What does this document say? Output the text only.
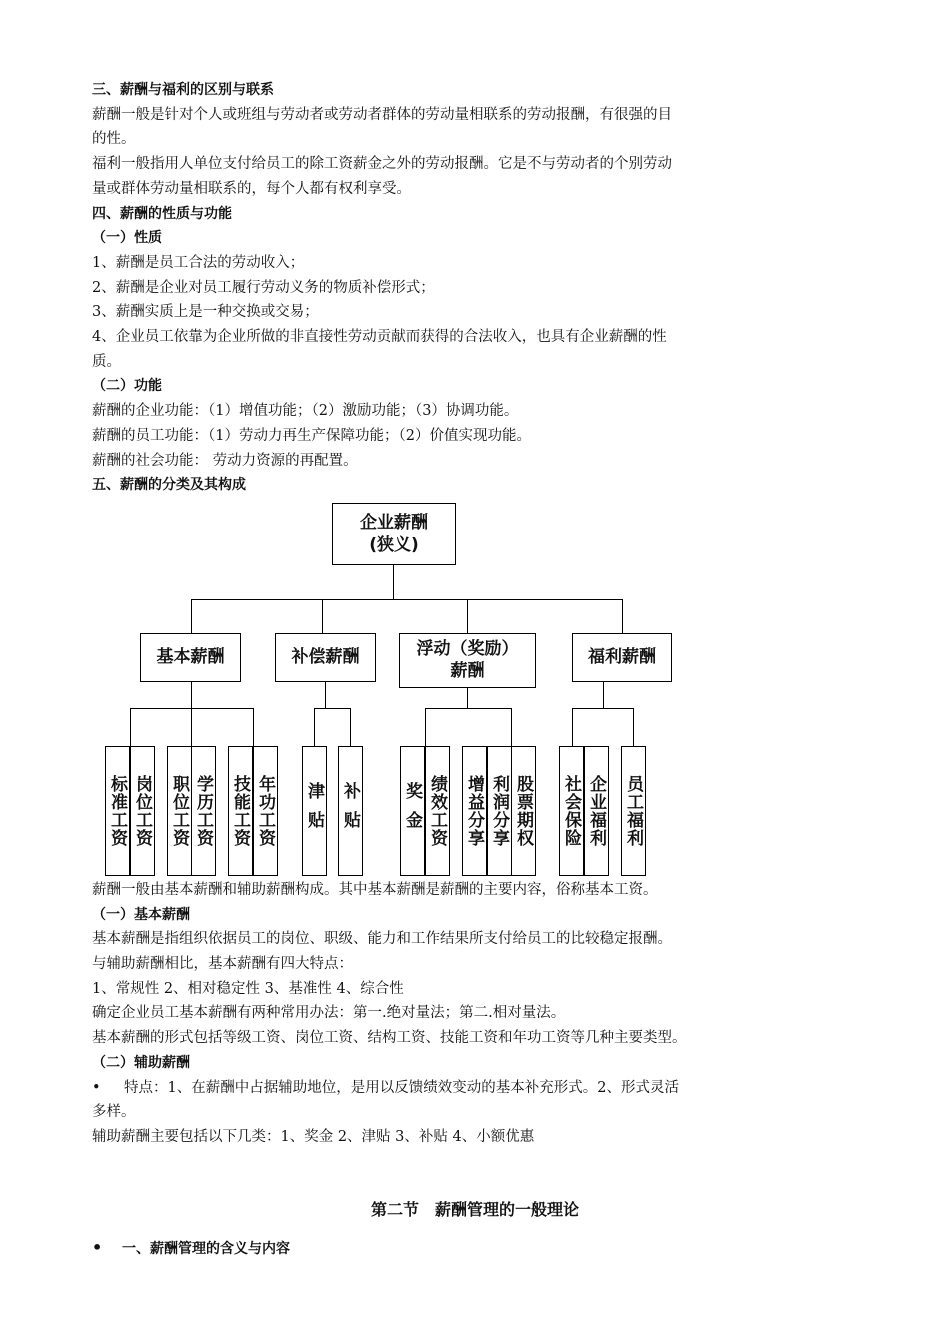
三、薪酬与福利的区别与联系
薪酬一般是针对个人或班组与劳动者或劳动者群体的劳动量相联系的劳动报酬，有很强的目
的性。
福利一般指用人单位支付给员工的除工资薪金之外的劳动报酬。它是不与劳动者的个别劳动
量或群体劳动量相联系的，每个人都有权利享受。
四、薪酬的性质与功能
（一）性质
1、薪酬是员工合法的劳动收入；
2、薪酬是企业对员工履行劳动义务的物质补偿形式；
3、薪酬实质上是一种交换或交易；
4、企业员工依靠为企业所做的非直接性劳动贡献而获得的合法收入，也具有企业薪酬的性
质。
（二）功能
薪酬的企业功能：（1）增值功能；（2）激励功能；（3）协调功能。
薪酬的员工功能：（1）劳动力再生产保障功能；（2）价值实现功能。
薪酬的社会功能： 劳动力资源的再配置。
五、薪酬的分类及其构成
企业薪酬
(狭义)
基本薪酬	补偿薪酬	浮动（奖励）
薪酬
福利薪酬
标准工资 岗位工资 职位工资 学历工资 技能工资 年功工资 津贴 补贴 奖金 绩效工资 增益分享 利润分享 股票期权 社会保险 企业福利 员工福利
薪酬一般由基本薪酬和辅助薪酬构成。其中基本薪酬是薪酬的主要内容，俗称基本工资。
（一）基本薪酬
基本薪酬是指组织依据员工的岗位、职级、能力和工作结果所支付给员工的比较稳定报酬。
与辅助薪酬相比，基本薪酬有四大特点：
1、常规性 2、相对稳定性 3、基准性 4、综合性
确定企业员工基本薪酬有两种常用办法：第一.绝对量法；第二.相对量法。
基本薪酬的形式包括等级工资、岗位工资、结构工资、技能工资和年功工资等几种主要类型。
（二）辅助薪酬
• 特点：1、在薪酬中占据辅助地位，是用以反馈绩效变动的基本补充形式。2、形式灵活
多样。
辅助薪酬主要包括以下几类：1、奖金 2、津贴 3、补贴 4、小额优惠
第二节　薪酬管理的一般理论
• 一、薪酬管理的含义与内容
